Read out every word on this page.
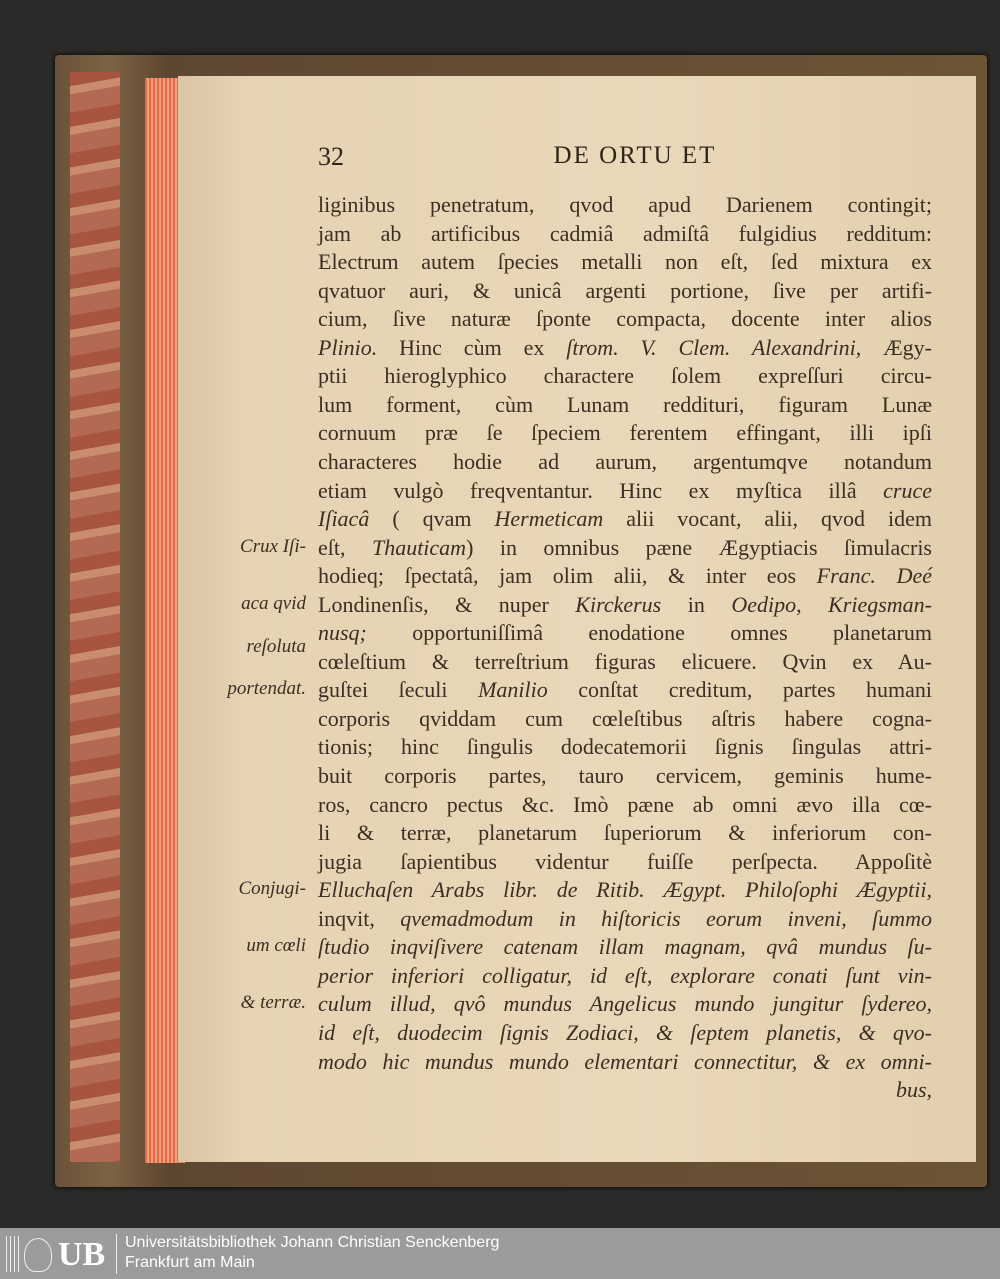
32	DE ORTU ET
liginibus penetratum, qvod apud Darienem contingit;
jam ab artificibus cadmiâ admiſtâ fulgidius redditum:
Electrum autem ſpecies metalli non eſt, ſed mixtura ex
qvatuor auri, & unicâ argenti portione, ſive per artifi-
cium, ſive naturæ ſponte compacta, docente inter alios
Plinio. Hinc cùm ex ſtrom. V. Clem. Alexandrini, Ægy-
ptii hieroglyphico charactere ſolem expreſſuri circu-
lum forment, cùm Lunam redditurі, figuram Lunæ
cornuum præ ſe ſpeciem ferentem effingant, illi ipſi
characteres hodie ad aurum, argentumqve notandum
etiam vulgò freqventantur. Hinc ex myſtica illâ cruce
Iſiacâ ( qvam Hermeticam alii vocant, alii, qvod idem
eſt, Thauticam) in omnibus pæne Ægyptiacis ſimulacris
hodieq; ſpectatâ, jam olim alii, & inter eos Franc. Deé
Londinenſis, & nuper Kirckerus in Oedipo, Kriegsman-
nusq; opportuniſſimâ enodatione omnes planetarum
cœleſtium & terreſtrium figuras elicuere. Qvin ex Au-
guſtei ſeculi Manilio conſtat creditum, partes humani
corporis qviddam cum cœleſtibus aſtris habere cogna-
tionis; hinc ſingulis dodecatemorii ſignis ſingulas attri-
buit corporis partes, tauro cervicem, geminis hume-
ros, cancro pectus &c. Imò pæne ab omni ævo illa cœ-
li & terræ, planetarum ſuperiorum & inferiorum con-
jugia ſapientibus videntur fuiſſe perſpecta. Appoſitè
Elluchaſen Arabs libr. de Ritib. Ægypt. Philoſophi Ægyptii,
inqvit, qvemadmodum in hiſtoricis eorum inveni, ſummo
ſtudio inqviſivere catenam illam magnam, qvâ mundus ſu-
perior inferiori colligatur, id eſt, explorare conati ſunt vin-
culum illud, qvô mundus Angelicus mundo jungitur ſydereo,
id eſt, duodecim ſignis Zodiaci, & ſeptem planetis, & qvo-
modo hic mundus mundo elementari connectitur, & ex omni-
bus,
Crux Iſi-
aca qvid
reſoluta
portendat.
Conjugi-
um cœli
& terræ.
UB Universitätsbibliothek Johann Christian Senckenberg
Frankfurt am Main
